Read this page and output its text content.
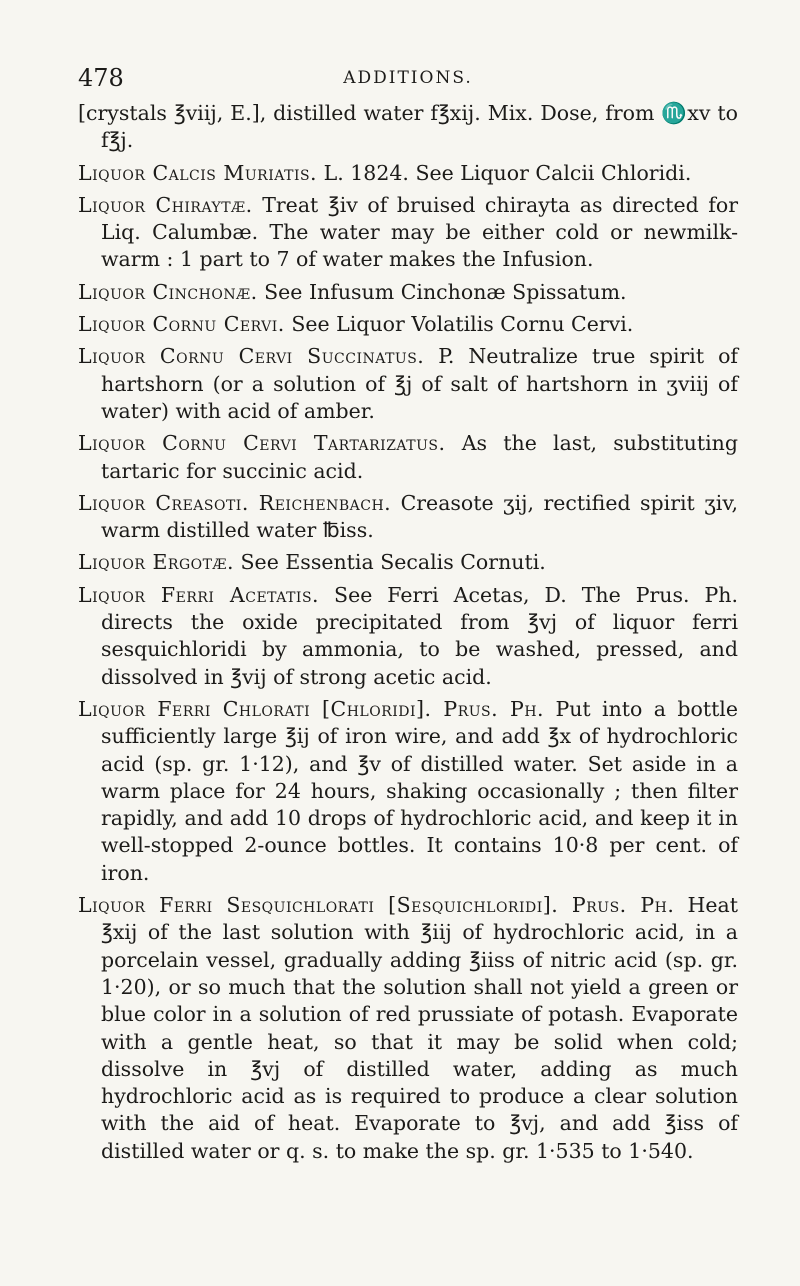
478	ADDITIONS.

[crystals ℥viij, E.], distilled water f℥xij. Mix. Dose, from ♏xv to f℥j.

Liquor Calcis Muriatis. L. 1824. See Liquor Calcii Chloridi.

Liquor Chiraytæ. Treat ℥iv of bruised chirayta as directed for Liq. Calumbæ. The water may be either cold or newmilk-warm : 1 part to 7 of water makes the Infusion.

Liquor Cinchonæ. See Infusum Cinchonæ Spissatum.

Liquor Cornu Cervi. See Liquor Volatilis Cornu Cervi.

Liquor Cornu Cervi Succinatus. P. Neutralize true spirit of hartshorn (or a solution of ℥j of salt of hartshorn in ʒviij of water) with acid of amber.

Liquor Cornu Cervi Tartarizatus. As the last, substituting tartaric for succinic acid.

Liquor Creasoti. Reichenbach. Creasote ʒij, rectified spirit ʒiv, warm distilled water ℔iss.

Liquor Ergotæ. See Essentia Secalis Cornuti.

Liquor Ferri Acetatis. See Ferri Acetas, D. The Prus. Ph. directs the oxide precipitated from ℥vj of liquor ferri sesquichloridi by ammonia, to be washed, pressed, and dissolved in ℥vij of strong acetic acid.

Liquor Ferri Chlorati [Chloridi]. Prus. Ph. Put into a bottle sufficiently large ℥ij of iron wire, and add ℥x of hydrochloric acid (sp. gr. 1·12), and ℥v of distilled water. Set aside in a warm place for 24 hours, shaking occasionally ; then filter rapidly, and add 10 drops of hydrochloric acid, and keep it in well-stopped 2-ounce bottles. It contains 10·8 per cent. of iron.

Liquor Ferri Sesquichlorati [Sesquichloridi]. Prus. Ph. Heat ℥xij of the last solution with ℥iij of hydrochloric acid, in a porcelain vessel, gradually adding ℥iiss of nitric acid (sp. gr. 1·20), or so much that the solution shall not yield a green or blue color in a solution of red prussiate of potash. Evaporate with a gentle heat, so that it may be solid when cold; dissolve in ℥vj of distilled water, adding as much hydrochloric acid as is required to produce a clear solution with the aid of heat. Evaporate to ℥vj, and add ℥iss of distilled water or q. s. to make the sp. gr. 1·535 to 1·540.
